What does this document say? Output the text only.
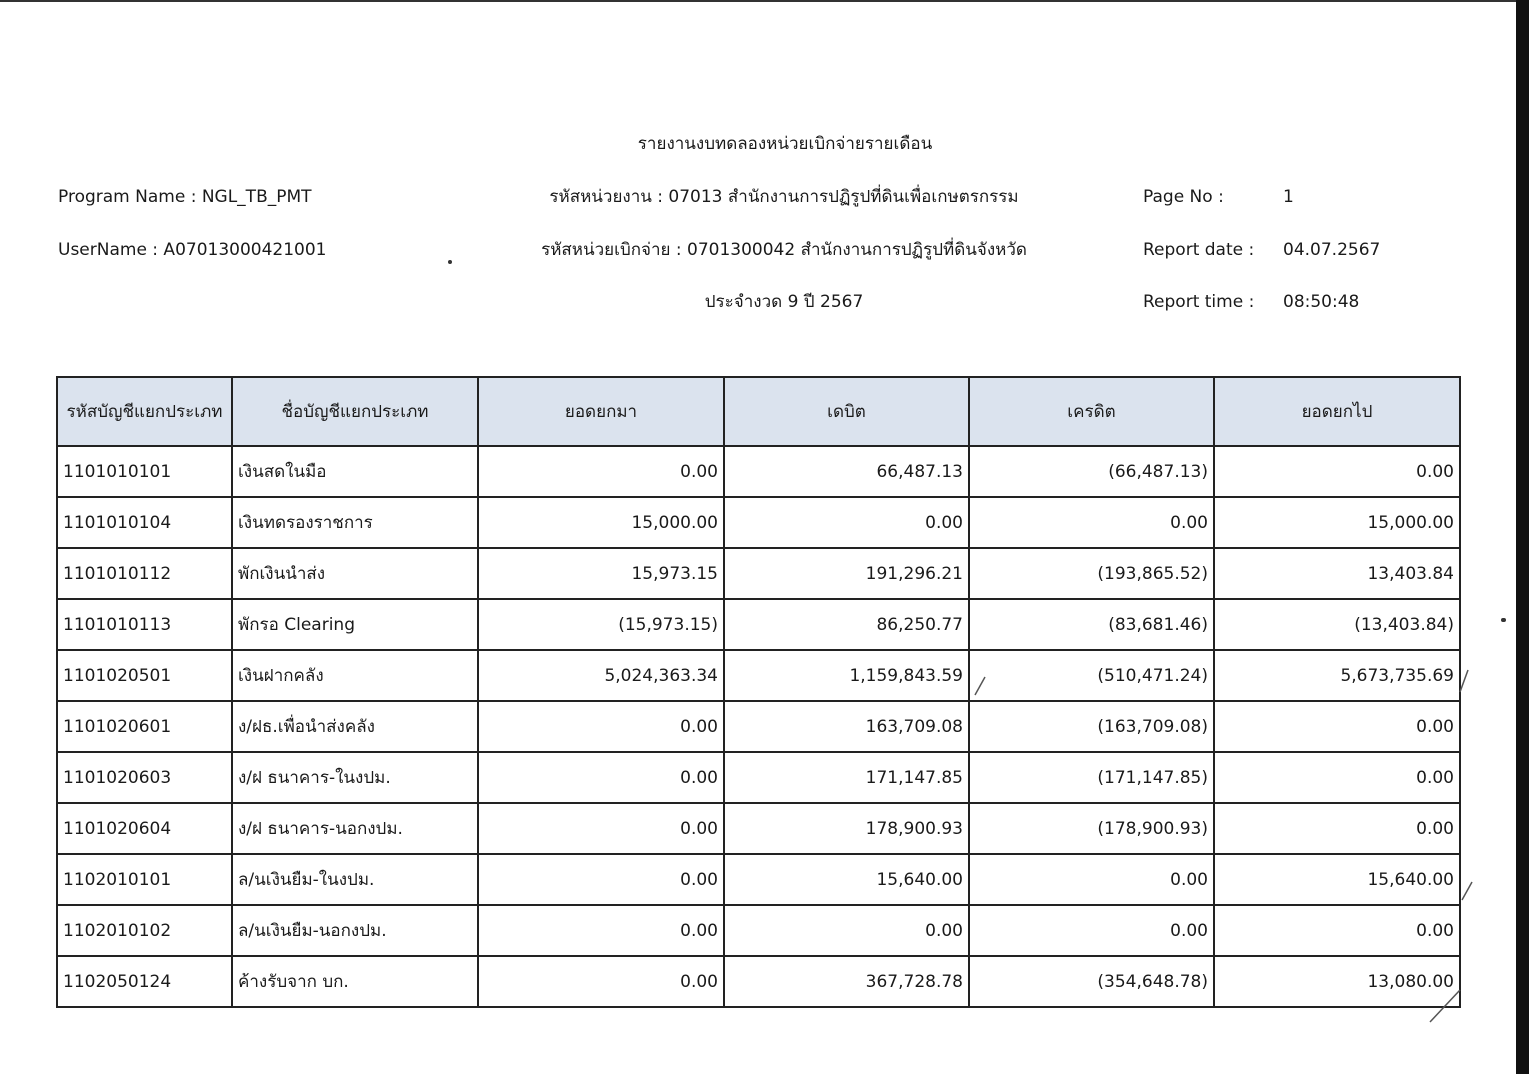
รายงานงบทดลองหน่วยเบิกจ่ายรายเดือน
Program Name : NGL_TB_PMT	รหัสหน่วยงาน : 07013 สำนักงานการปฏิรูปที่ดินเพื่อเกษตรกรรม	Page No :	1
UserName : A07013000421001	รหัสหน่วยเบิกจ่าย : 0701300042 สำนักงานการปฏิรูปที่ดินจังหวัด	Report date : 04.07.2567
ประจำงวด 9 ปี 2567	Report time : 08:50:48
รหัสบัญชีแยกประเภท	ชื่อบัญชีแยกประเภท	ยอดยกมา	เดบิต	เครดิต	ยอดยกไป
1101010101	เงินสดในมือ	0.00	66,487.13	(66,487.13)	0.00
1101010104	เงินทดรองราชการ	15,000.00	0.00	0.00	15,000.00
1101010112	พักเงินนำส่ง	15,973.15	191,296.21	(193,865.52)	13,403.84
1101010113	พักรอ Clearing	(15,973.15)	86,250.77	(83,681.46)	(13,403.84)
1101020501	เงินฝากคลัง	5,024,363.34	1,159,843.59	(510,471.24)	5,673,735.69
1101020601	ง/ฝธ.เพื่อนำส่งคลัง	0.00	163,709.08	(163,709.08)	0.00
1101020603	ง/ฝ ธนาคาร-ในงปม.	0.00	171,147.85	(171,147.85)	0.00
1101020604	ง/ฝ ธนาคาร-นอกงปม.	0.00	178,900.93	(178,900.93)	0.00
1102010101	ล/นเงินยืม-ในงปม.	0.00	15,640.00	0.00	15,640.00
1102010102	ล/นเงินยืม-นอกงปม.	0.00	0.00	0.00	0.00
1102050124	ค้างรับจาก บก.	0.00	367,728.78	(354,648.78)	13,080.00
